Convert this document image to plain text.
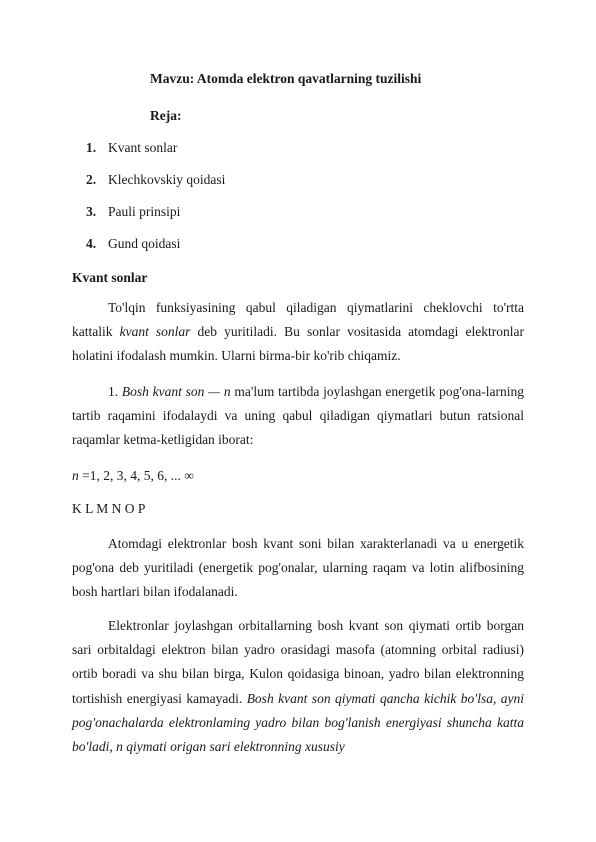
Mavzu: Atomda elektron qavatlarning tuzilishi
Reja:
1. Kvant sonlar
2. Klechkovskiy qoidasi
3. Pauli prinsipi
4. Gund qoidasi
Kvant sonlar

To'lqin funksiyasining qabul qiladigan qiymatlarini cheklovchi to'rtta kattalik kvant sonlar deb yuritiladi. Bu sonlar vositasida atomdagi elektronlar holatini ifodalash mumkin. Ularni birma-bir ko'rib chiqamiz.

1. Bosh kvant son — n ma'lum tartibda joylashgan energetik pog'ona-larning tartib raqamini ifodalaydi va uning qabul qiladigan qiymatlari butun ratsional raqamlar ketma-ketligidan iborat:

n =1, 2, 3, 4, 5, 6, ... ∞
K L M N O P

Atomdagi elektronlar bosh kvant soni bilan xarakterlanadi va u energetik pog'ona deb yuritiladi (energetik pog'onalar, ularning raqam va lotin alifbosining bosh hartlari bilan ifodalanadi.

Elektronlar joylashgan orbitallarning bosh kvant son qiymati ortib borgan sari orbitaldagi elektron bilan yadro orasidagi masofa (atomning orbital radiusi) ortib boradi va shu bilan birga, Kulon qoidasiga binoan, yadro bilan elektronning tortishish energiyasi kamayadi. Bosh kvant son qiymati qancha kichik bo'lsa, ayni pog'onachalarda elektronlaming yadro bilan bog'lanish energiyasi shuncha katta bo'ladi, n qiymati origan sari elektronning xususiy
